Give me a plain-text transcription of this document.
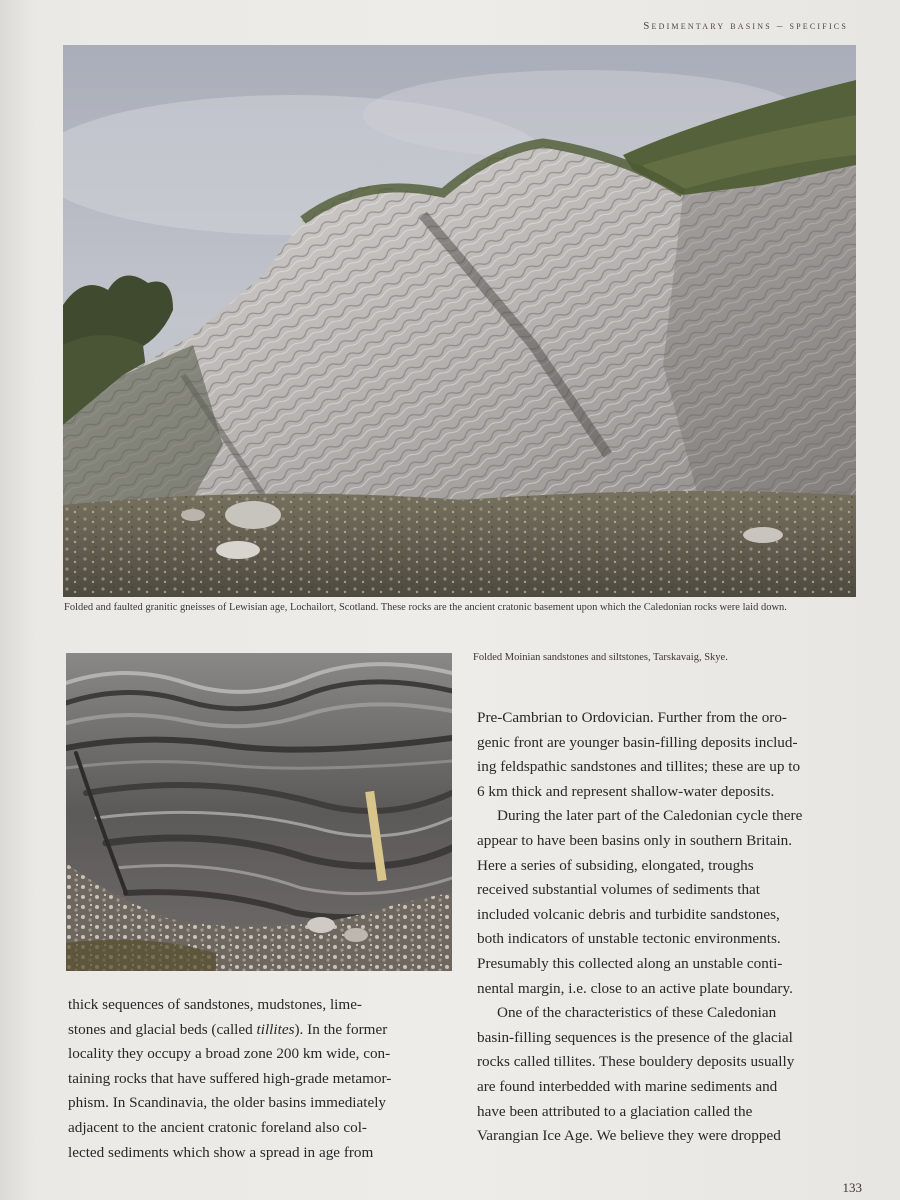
Sedimentary basins – specifics
Folded and faulted granitic gneisses of Lewisian age, Lochailort, Scotland. These rocks are the ancient cratonic basement upon which the Caledonian rocks were laid down.
Folded Moinian sandstones and siltstones, Tarskavaig, Skye.

Pre-Cambrian to Ordovician. Further from the oro-
genic front are younger basin-filling deposits includ-
ing feldspathic sandstones and tillites; these are up to
6 km thick and represent shallow-water deposits.

During the later part of the Caledonian cycle there
appear to have been basins only in southern Britain.
Here a series of subsiding, elongated, troughs
received substantial volumes of sediments that
included volcanic debris and turbidite sandstones,
both indicators of unstable tectonic environments.
Presumably this collected along an unstable conti-
nental margin, i.e. close to an active plate boundary.

One of the characteristics of these Caledonian
basin-filling sequences is the presence of the glacial
rocks called tillites. These bouldery deposits usually
are found interbedded with marine sediments and
have been attributed to a glaciation called the
Varangian Ice Age. We believe they were dropped

thick sequences of sandstones, mudstones, lime-
stones and glacial beds (called tillites). In the former
locality they occupy a broad zone 200 km wide, con-
taining rocks that have suffered high-grade metamor-
phism. In Scandinavia, the older basins immediately
adjacent to the ancient cratonic foreland also col-
lected sediments which show a spread in age from

133
